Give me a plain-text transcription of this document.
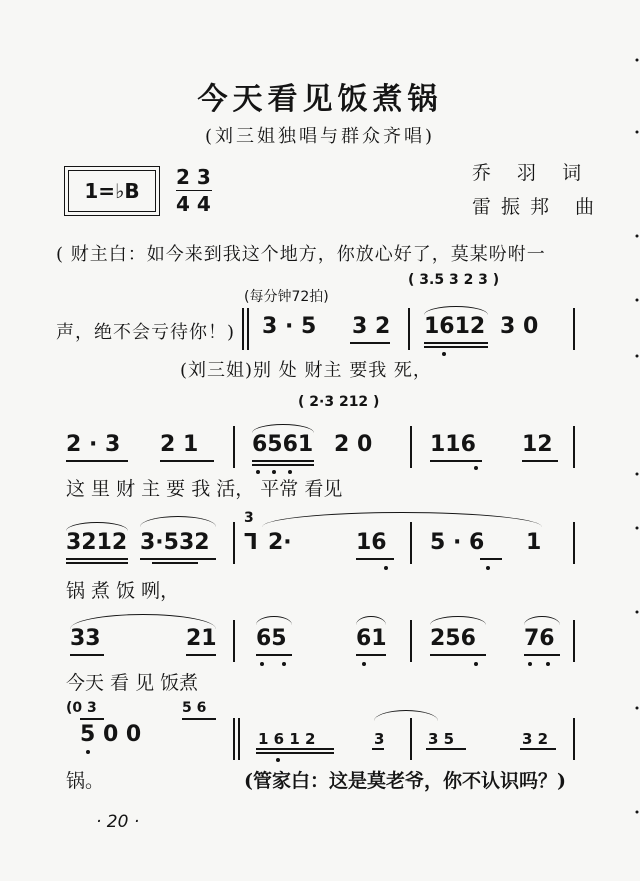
今天看见饭煮锅
(刘三姐独唱与群众齐唱)
1=♭B
2 3
4 4
乔 羽 词
雷振邦 曲
( 财主白：如今来到我这个地方，你放心好了，莫某吩咐一
声，绝不会亏待你！)
(每分钟72拍)
( 3.5 3 2 3 )
3 · 5 3 2 1612 3 0
(刘三姐)别 处 财主 要我 死，
( 2·3 212 )
2 · 3 2 1 6561 2 0	116 12
这 里 财 主 要 我 活， 平常 看见
3212 3·532
3
ᒣ 2·	16 5 · 6 1
锅 煮 饭 咧，
33	21 65	61 256 76
今天 看 见 饭煮
(0 3	5 6
5 0 0	1 6 1 2	3	3 5	3 2
锅。	(管家白：这是莫老爷，你不认识吗？)
· 20 ·
